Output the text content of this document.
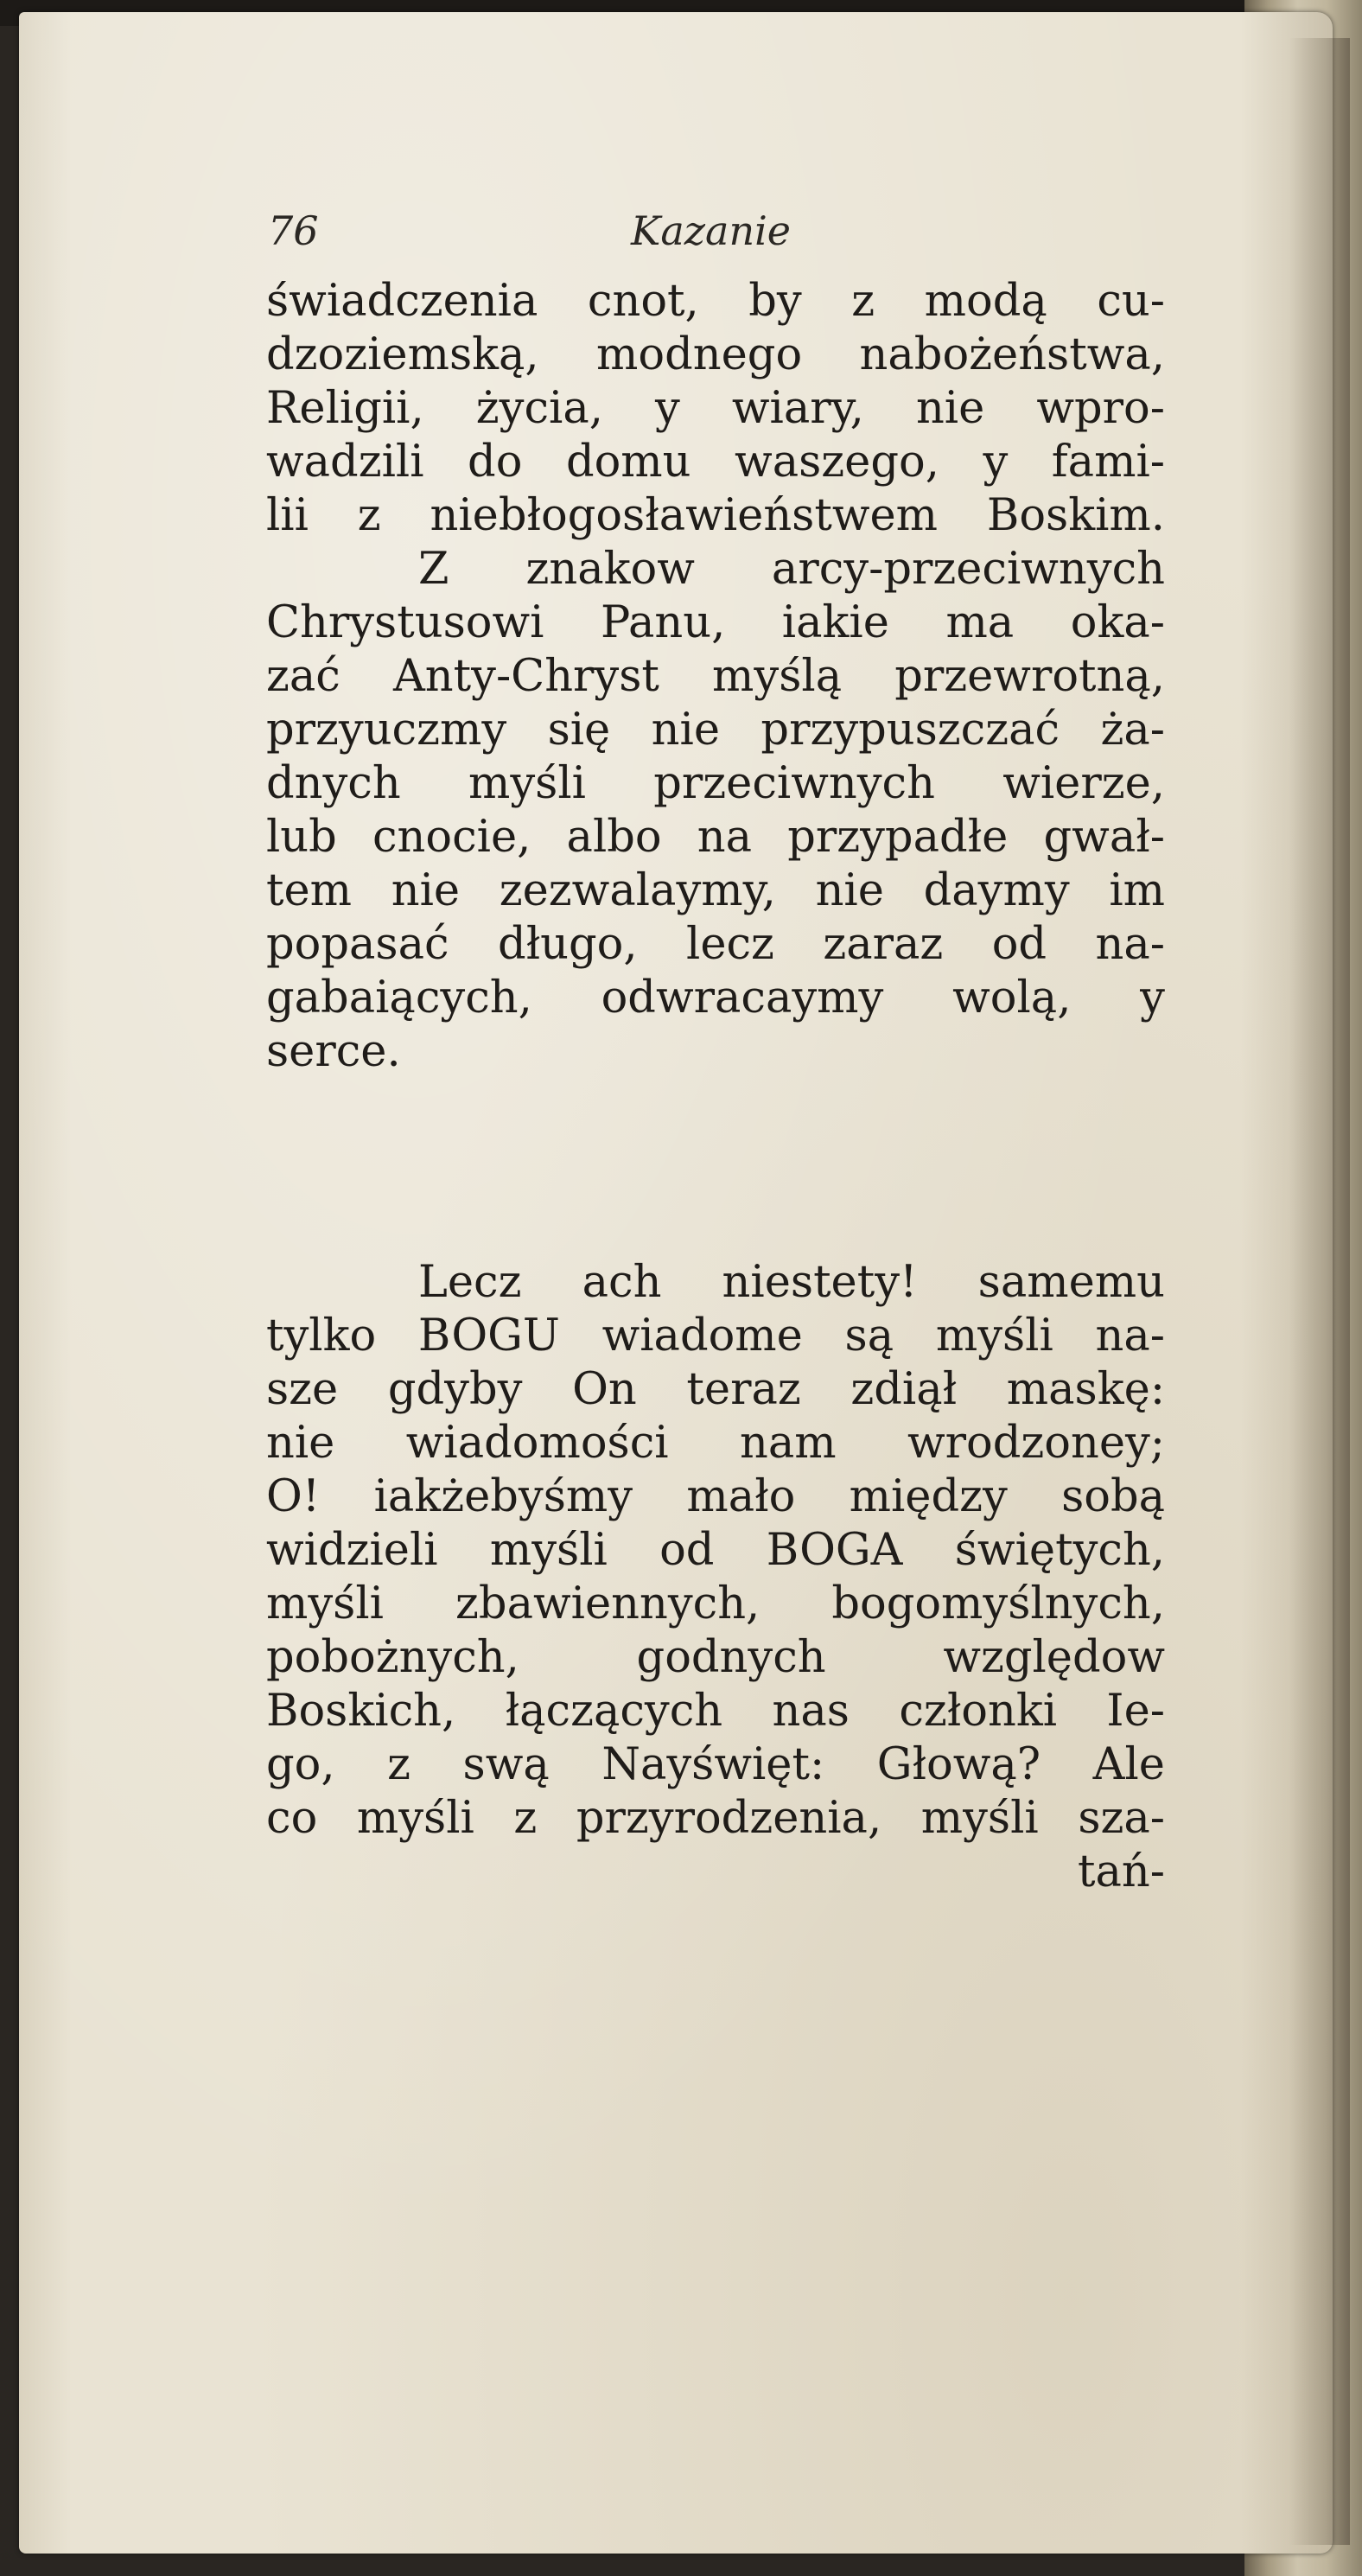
76	Kazanie
świadczenia cnot, by z modą cu-
dzoziemską, modnego nabożeństwa,
Religii, życia, y wiary, nie wpro-
wadzili do domu waszego, y fami-
lii z niebłogosławieństwem Boskim.
Z znakow arcy-przeciwnych
Chrystusowi Panu, iakie ma oka-
zać Anty-Chryst myślą przewrotną,
przyuczmy się nie przypuszczać ża-
dnych myśli przeciwnych wierze,
lub cnocie, albo na przypadłe gwał-
tem nie zezwalaymy, nie daymy im
popasać długo, lecz zaraz od na-
gabaiących, odwracaymy wolą, y
serce.
Lecz ach niestety! samemu
tylko BOGU wiadome są myśli na-
sze gdyby On teraz zdiął maskę:
nie wiadomości nam wrodzoney;
O! iakżebyśmy mało między sobą
widzieli myśli od BOGA świętych,
myśli zbawiennych, bogomyślnych,
pobożnych, godnych względow
Boskich, łączących nas członki Ie-
go, z swą Nayświęt: Głową? Ale
co myśli z przyrodzenia, myśli sza-
tań-
